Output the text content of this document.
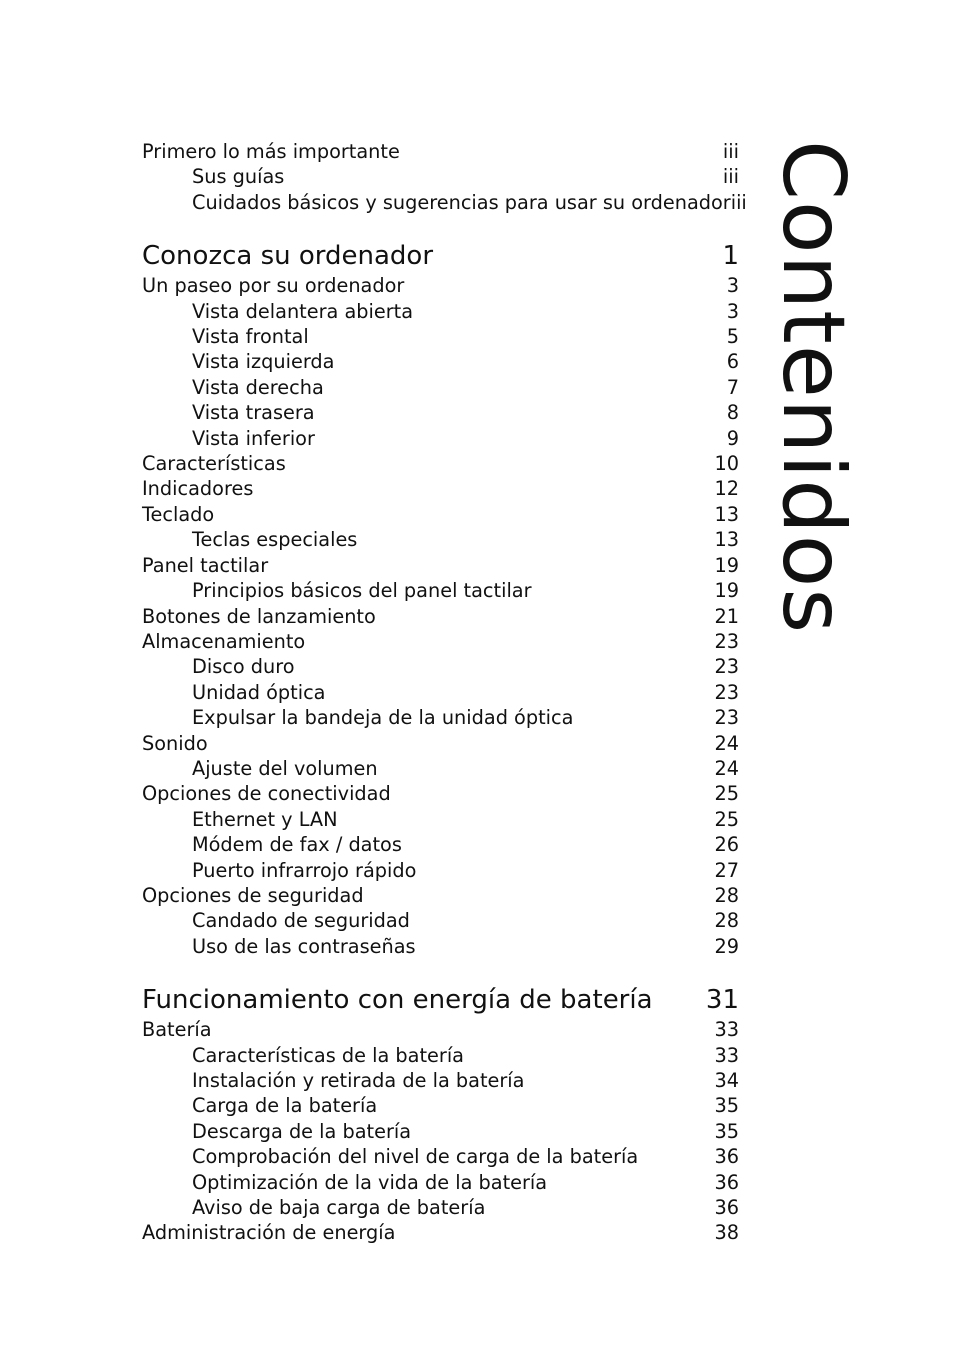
Primero lo más importante	iii
Sus guías	iii
Cuidados básicos y sugerencias para usar su ordenador iii
Conozca su ordenador	1
Un paseo por su ordenador	3
Vista delantera abierta	3
Vista frontal	5
Vista izquierda	6
Vista derecha	7
Vista trasera	8
Vista inferior	9
Características	10
Indicadores	12
Teclado	13
Teclas especiales	13
Panel tactilar	19
Principios básicos del panel tactilar	19
Botones de lanzamiento	21
Almacenamiento	23
Disco duro	23
Unidad óptica	23
Expulsar la bandeja de la unidad óptica	23
Sonido	24
Ajuste del volumen	24
Opciones de conectividad	25
Ethernet y LAN	25
Módem de fax / datos	26
Puerto infrarrojo rápido	27
Opciones de seguridad	28
Candado de seguridad	28
Uso de las contraseñas	29
Funcionamiento con energía de batería 31
Batería	33
Características de la batería	33
Instalación y retirada de la batería	34
Carga de la batería	35
Descarga de la batería	35
Comprobación del nivel de carga de la batería	36
Optimización de la vida de la batería	36
Aviso de baja carga de batería	36
Administración de energía	38
Contenidos
